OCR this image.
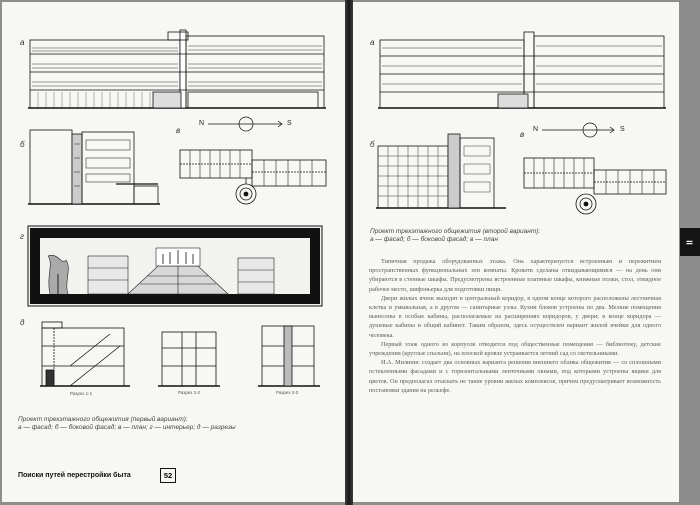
а
б
в
N	S
г
д
Разрез 1-1	Разрез 2-2	Разрез 3-3
Проект трехэтажного общежития (первый вариант):
а — фасад; б — боковой фасад; в — план; г — интерьер; д — разрезы
Поиски путей перестройки быта	52
а
б
в
N	S
Проект трехэтажного общежития (второй вариант):
а — фасад; б — боковой фасад; в — план	II

Типичная продажа оборудованных этажа. Она характеризуется встроенным и пережитием пространственных функциональных зон комнаты. Кровати сделаны откидывающимися — на день они убираются в стенные шкафы. Предусмотрены встроенные платяные шкафы, книжные полки, стол, откидное рабочее место, шифоньерка для подготовки пищи.

Двери жилых ячеек выходят в центральный коридор, в одном конце которого расположены лестничная клетка и умывальная, а в другом — санитарные узлы. Кухни блоков устроены по два. Мелкие помещения вынесены в особые кабины, располагаемые на расширениях коридоров, у двери; в конце коридора — душевые кабины и общий кабинет. Таким образом, здесь осуществлен вариант жилой ячейки для одного человека.

Первый этаж одного из корпусов отводится под общественные помещения — библиотеку, детские учреждения (круглые спальни), на плоской кровле устраивается летний сад со светильниками.

И.А. Милинис создает два основных варианта решения внешнего облика общежития — со сплошными остекленными фасадами и с горизонтальными ленточными окнами, под которыми устроены ящики для цветов. Он предполагал отыскать не такие уровни жилых комплексов, причем предусматривает возможность постановки здания на рельефе.
